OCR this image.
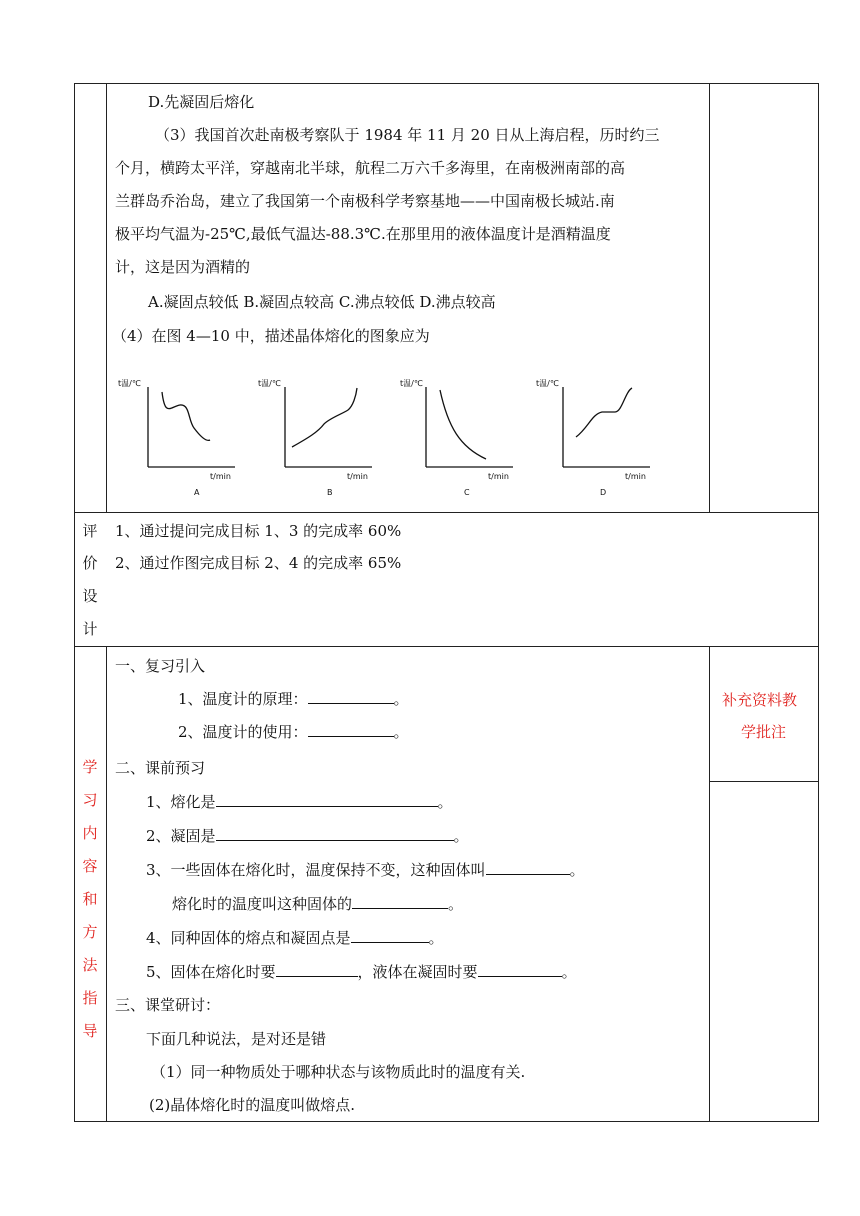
D.先凝固后熔化
（3）我国首次赴南极考察队于 1984 年 11 月 20 日从上海启程，历时约三
个月，横跨太平洋，穿越南北半球，航程二万六千多海里，在南极洲南部的高
兰群岛乔治岛，建立了我国第一个南极科学考察基地——中国南极长城站.南
极平均气温为-25℃,最低气温达-88.3℃.在那里用的液体温度计是酒精温度
计，这是因为酒精的
A.凝固点较低 B.凝固点较高 C.沸点较低 D.沸点较高
（4）在图 4—10 中，描述晶体熔化的图象应为
t温/℃
t/min
A
t温/℃
t/min
B
t温/℃
t/min
C
t温/℃
t/min
D
评
价
设
计
1、通过提问完成目标 1、3 的完成率 60%
2、通过作图完成目标 2、4 的完成率 65%
学
习
内
容
和
方
法
指
导
补充资料教
学批注
一、复习引入
1、温度计的原理：	。
2、温度计的使用：	。
二、课前预习
1、熔化是	。
2、凝固是	。
3、一些固体在熔化时，温度保持不变，这种固体叫	。
熔化时的温度叫这种固体的	。
4、同种固体的熔点和凝固点是	。
5、固体在熔化时要	，液体在凝固时要	。
三、课堂研讨：
下面几种说法，是对还是错
（1）同一种物质处于哪种状态与该物质此时的温度有关.
(2)晶体熔化时的温度叫做熔点.
